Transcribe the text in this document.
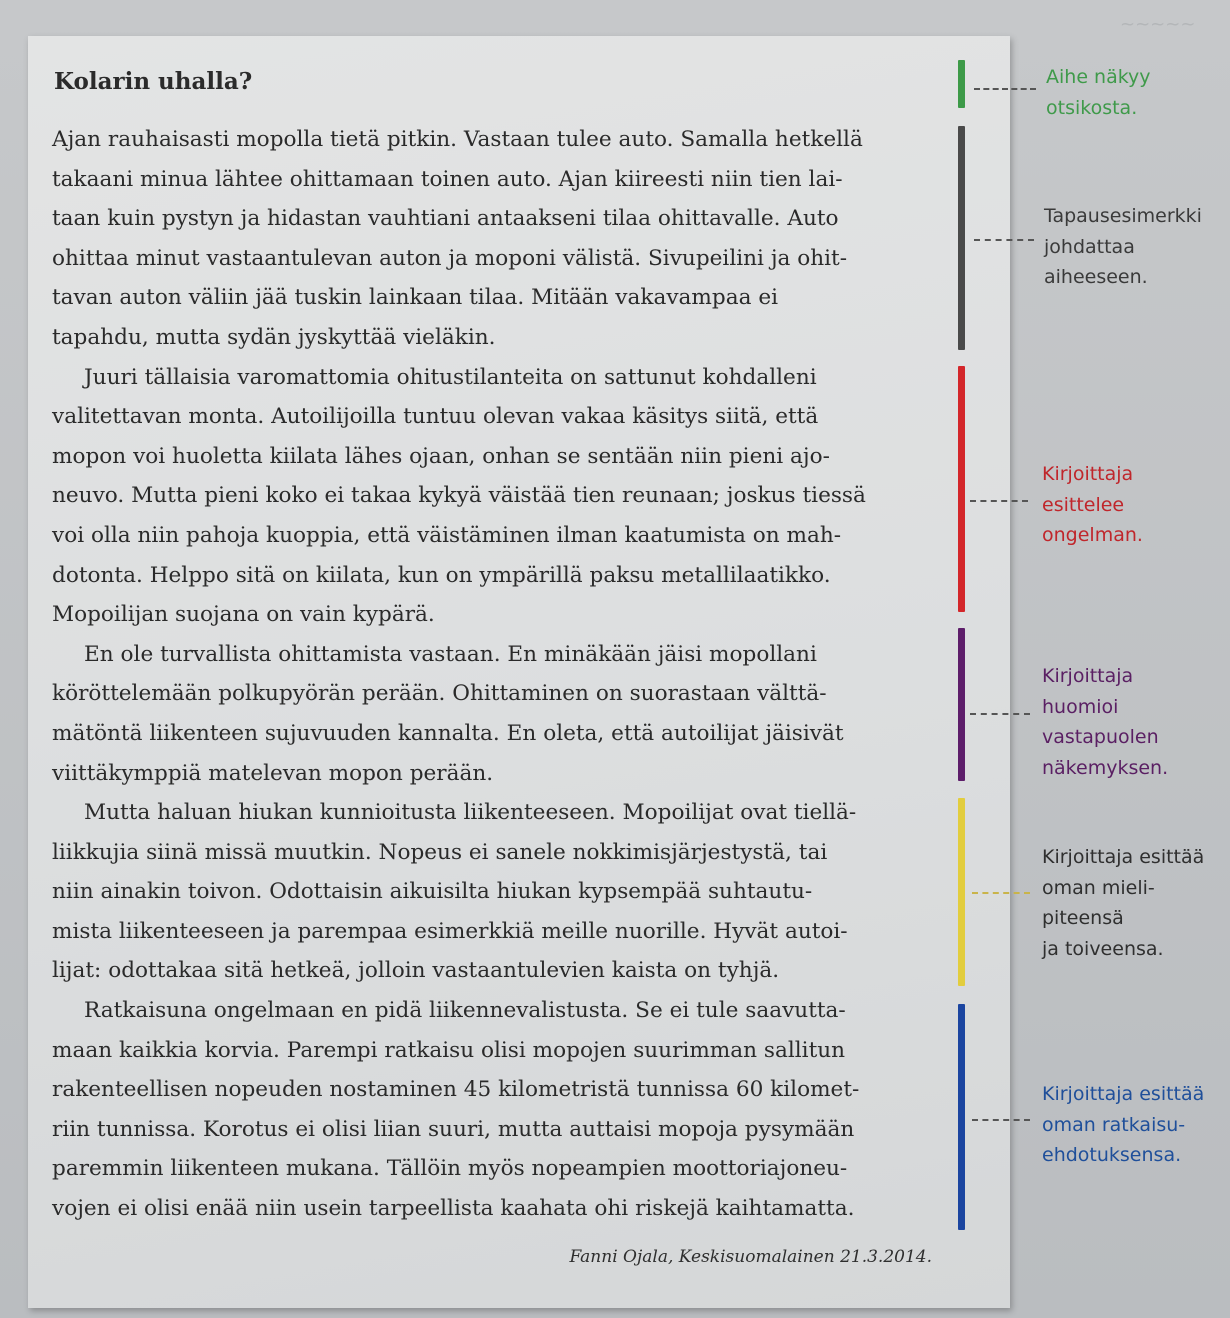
~~~~~
Kolarin uhalla?
Ajan rauhaisasti mopolla tietä pitkin. Vastaan tulee auto. Samalla hetkellä
takaani minua lähtee ohittamaan toinen auto. Ajan kiireesti niin tien lai-
taan kuin pystyn ja hidastan vauhtiani antaakseni tilaa ohittavalle. Auto
ohittaa minut vastaantulevan auton ja moponi välistä. Sivupeilini ja ohit-
tavan auton väliin jää tuskin lainkaan tilaa. Mitään vakavampaa ei
tapahdu, mutta sydän jyskyttää vieläkin.
Juuri tällaisia varomattomia ohitustilanteita on sattunut kohdalleni
valitettavan monta. Autoilijoilla tuntuu olevan vakaa käsitys siitä, että
mopon voi huoletta kiilata lähes ojaan, onhan se sentään niin pieni ajo-
neuvo. Mutta pieni koko ei takaa kykyä väistää tien reunaan; joskus tiessä
voi olla niin pahoja kuoppia, että väistäminen ilman kaatumista on mah-
dotonta. Helppo sitä on kiilata, kun on ympärillä paksu metallilaatikko.
Mopoilijan suojana on vain kypärä.
En ole turvallista ohittamista vastaan. En minäkään jäisi mopollani
köröttelemään polkupyörän perään. Ohittaminen on suorastaan välttä-
mätöntä liikenteen sujuvuuden kannalta. En oleta, että autoilijat jäisivät
viittäkymppiä matelevan mopon perään.
Mutta haluan hiukan kunnioitusta liikenteeseen. Mopoilijat ovat tiellä-
liikkujia siinä missä muutkin. Nopeus ei sanele nokkimisjärjestystä, tai
niin ainakin toivon. Odottaisin aikuisilta hiukan kypsempää suhtautu-
mista liikenteeseen ja parempaa esimerkkiä meille nuorille. Hyvät autoi-
lijat: odottakaa sitä hetkeä, jolloin vastaantulevien kaista on tyhjä.
Ratkaisuna ongelmaan en pidä liikennevalistusta. Se ei tule saavutta-
maan kaikkia korvia. Parempi ratkaisu olisi mopojen suurimman sallitun
rakenteellisen nopeuden nostaminen 45 kilometristä tunnissa 60 kilomet-
riin tunnissa. Korotus ei olisi liian suuri, mutta auttaisi mopoja pysymään
paremmin liikenteen mukana. Tällöin myös nopeampien moottoriajoneu-
vojen ei olisi enää niin usein tarpeellista kaahata ohi riskejä kaihtamatta.
Fanni Ojala, Keskisuomalainen 21.3.2014.
Aihe näkyy
otsikosta.
Tapausesimerkki
johdattaa
aiheeseen.
Kirjoittaja
esittelee
ongelman.
Kirjoittaja
huomioi
vastapuolen
näkemyksen.
Kirjoittaja esittää
oman mieli-
piteensä
ja toiveensa.
Kirjoittaja esittää
oman ratkaisu-
ehdotuksensa.
